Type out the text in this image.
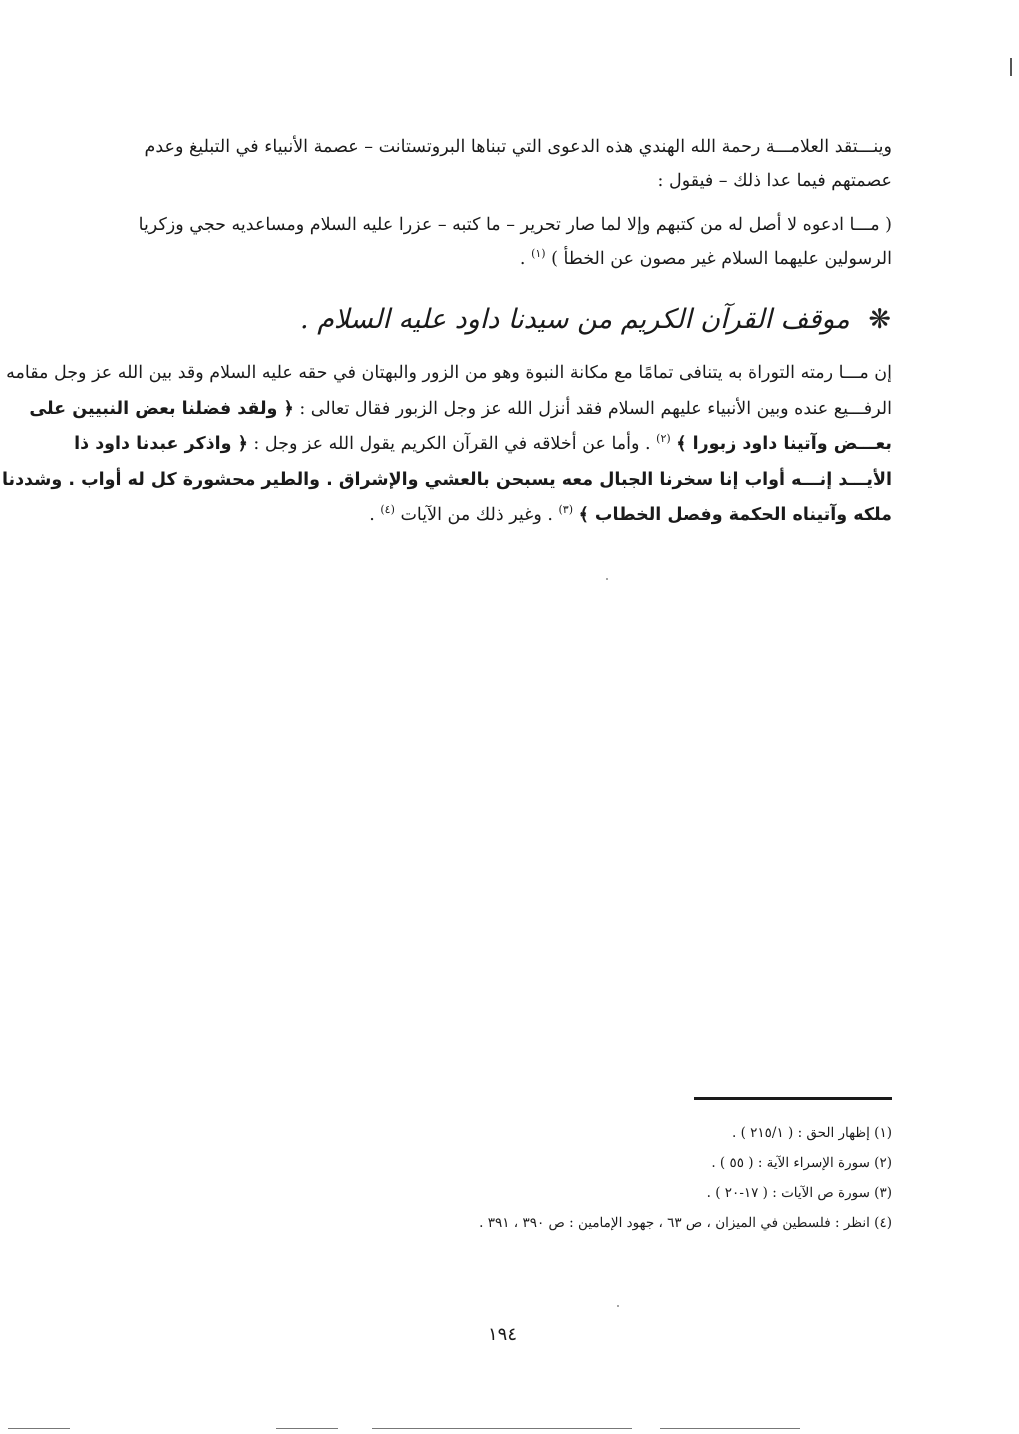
وينـــتقد العلامـــة رحمة الله الهندي هذه الدعوى التي تبناها البروتستانت – عصمة الأنبياء في التبليغ وعدم
عصمتهم فيما عدا ذلك – فيقول :
( مـــا ادعوه لا أصل له من كتبهم وإلا لما صار تحرير – ما كتبه – عزرا عليه السلام ومساعديه حجي وزكريا
الرسولين عليهما السلام غير مصون عن الخطأ ) $^{(١)}$ .
❋ موقف القرآن الكريم من سيدنا داود عليه السلام .
إن مـــا رمته التوراة به يتنافى تمامًا مع مكانة النبوة وهو من الزور والبهتان في حقه عليه السلام وقد بين الله عز وجل مقامه
الرفـــيع عنده وبين الأنبياء عليهم السلام فقد أنزل الله عز وجل الزبور فقال تعالى : ﴿ ولقد فضلنا بعض النبيين على
بعـــض وآتينا داود زبورا ﴾ $^{(٢)}$ . وأما عن أخلاقه في القرآن الكريم يقول الله عز وجل : ﴿ واذكر عبدنا داود ذا
الأيـــد إنـــه أواب إنا سخرنا الجبال معه يسبحن بالعشي والإشراق . والطير محشورة كل له أواب . وشددنا
ملكه وآتيناه الحكمة وفصل الخطاب ﴾ $^{(٣)}$ . وغير ذلك من الآيات $^{(٤)}$ .
(١) إظهار الحق : ( ٢١٥/١ ) .
(٢) سورة الإسراء الآية : ( ٥٥ ) .
(٣) سورة ص الآيات : ( ١٧-٢٠ ) .
(٤) انظر : فلسطين في الميزان ، ص ٦٣ ، جهود الإمامين : ص ٣٩٠ ، ٣٩١ .
١٩٤
